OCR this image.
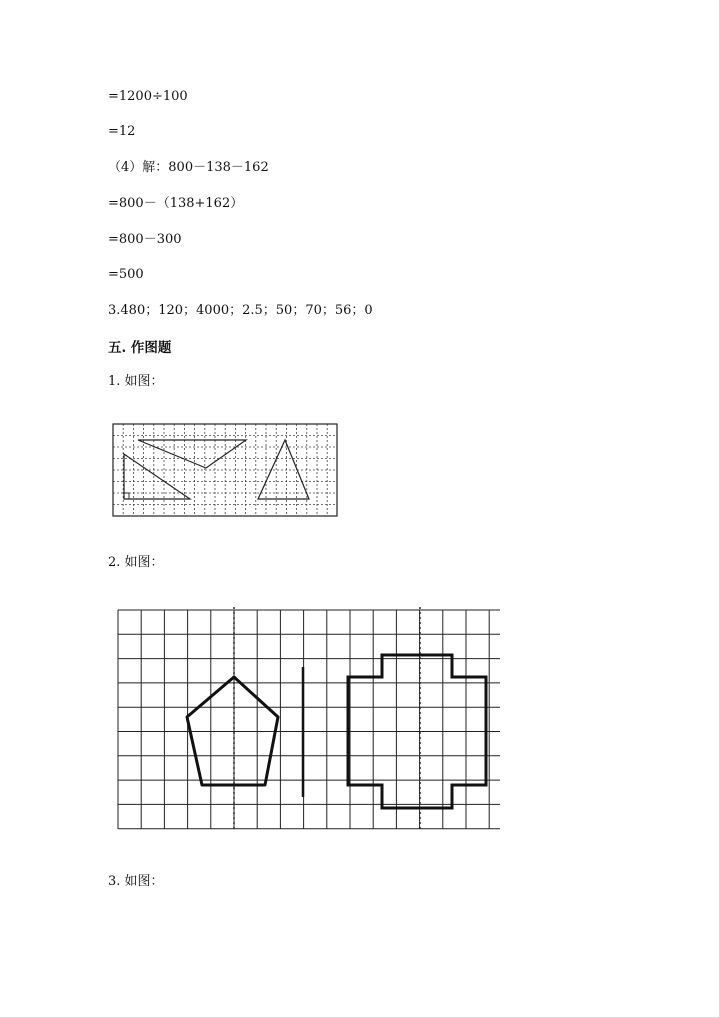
=1200÷100
=12
（4）解：800－138－162
=800－（138+162）
=800－300
=500
3.480；120；4000；2.5；50；70；56；0
五. 作图题
1. 如图：
2. 如图：
3. 如图：
